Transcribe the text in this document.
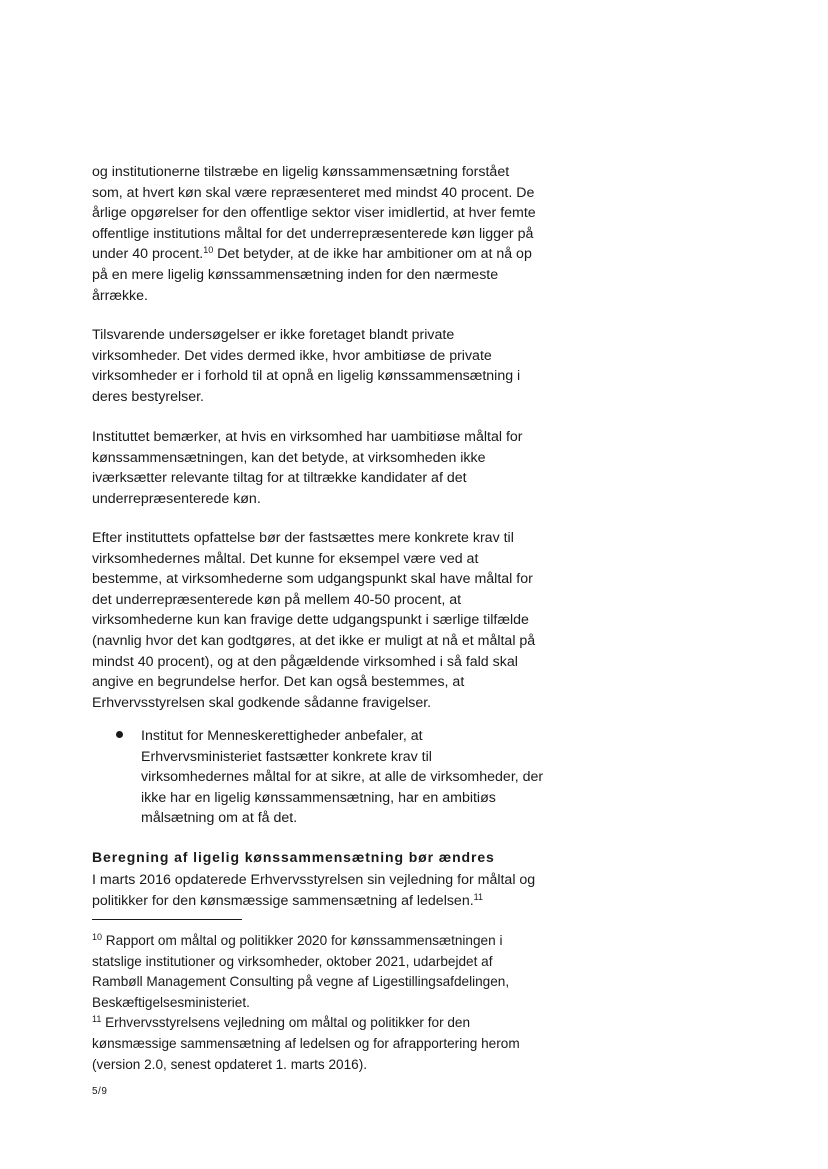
og institutionerne tilstræbe en ligelig kønssammensætning forstået
som, at hvert køn skal være repræsenteret med mindst 40 procent. De
årlige opgørelser for den offentlige sektor viser imidlertid, at hver femte
offentlige institutions måltal for det underrepræsenterede køn ligger på
under 40 procent.$^{10}$ Det betyder, at de ikke har ambitioner om at nå op
på en mere ligelig kønssammensætning inden for den nærmeste
årrække.
Tilsvarende undersøgelser er ikke foretaget blandt private
virksomheder. Det vides dermed ikke, hvor ambitiøse de private
virksomheder er i forhold til at opnå en ligelig kønssammensætning i
deres bestyrelser.
Instituttet bemærker, at hvis en virksomhed har uambitiøse måltal for
kønssammensætningen, kan det betyde, at virksomheden ikke
iværksætter relevante tiltag for at tiltrække kandidater af det
underrepræsenterede køn.
Efter instituttets opfattelse bør der fastsættes mere konkrete krav til
virksomhedernes måltal. Det kunne for eksempel være ved at
bestemme, at virksomhederne som udgangspunkt skal have måltal for
det underrepræsenterede køn på mellem 40-50 procent, at
virksomhederne kun kan fravige dette udgangspunkt i særlige tilfælde
(navnlig hvor det kan godtgøres, at det ikke er muligt at nå et måltal på
mindst 40 procent), og at den pågældende virksomhed i så fald skal
angive en begrundelse herfor. Det kan også bestemmes, at
Erhvervsstyrelsen skal godkende sådanne fravigelser.
Institut for Menneskerettigheder anbefaler, at
Erhvervsministeriet fastsætter konkrete krav til
virksomhedernes måltal for at sikre, at alle de virksomheder, der
ikke har en ligelig kønssammensætning, har en ambitiøs
målsætning om at få det.
Beregning af ligelig kønssammensætning bør ændres
I marts 2016 opdaterede Erhvervsstyrelsen sin vejledning for måltal og
politikker for den kønsmæssige sammensætning af ledelsen.$^{11}$
$^{10}$ Rapport om måltal og politikker 2020 for kønssammensætningen i
statslige institutioner og virksomheder, oktober 2021, udarbejdet af
Rambøll Management Consulting på vegne af Ligestillingsafdelingen,
Beskæftigelsesministeriet.
$^{11}$ Erhvervsstyrelsens vejledning om måltal og politikker for den
kønsmæssige sammensætning af ledelsen og for afrapportering herom
(version 2.0, senest opdateret 1. marts 2016).
5/9
